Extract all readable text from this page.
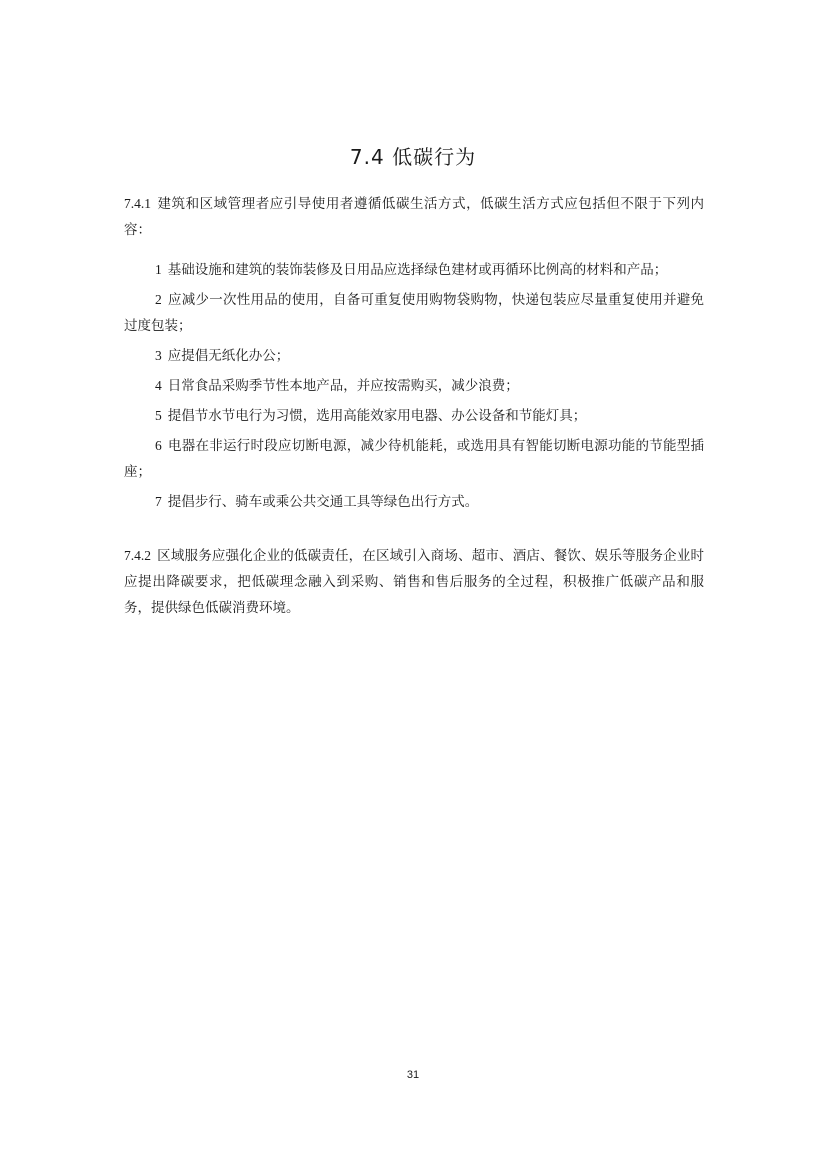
7.4 低碳行为

7.4.1 建筑和区域管理者应引导使用者遵循低碳生活方式，低碳生活方式应包括但不限于下列内容：

1 基础设施和建筑的装饰装修及日用品应选择绿色建材或再循环比例高的材料和产品；

2 应减少一次性用品的使用，自备可重复使用购物袋购物，快递包装应尽量重复使用并避免过度包装；

3 应提倡无纸化办公；

4 日常食品采购季节性本地产品，并应按需购买，减少浪费；

5 提倡节水节电行为习惯，选用高能效家用电器、办公设备和节能灯具；

6 电器在非运行时段应切断电源，减少待机能耗，或选用具有智能切断电源功能的节能型插座；

7 提倡步行、骑车或乘公共交通工具等绿色出行方式。

7.4.2 区域服务应强化企业的低碳责任，在区域引入商场、超市、酒店、餐饮、娱乐等服务企业时应提出降碳要求，把低碳理念融入到采购、销售和售后服务的全过程，积极推广低碳产品和服务，提供绿色低碳消费环境。

31
